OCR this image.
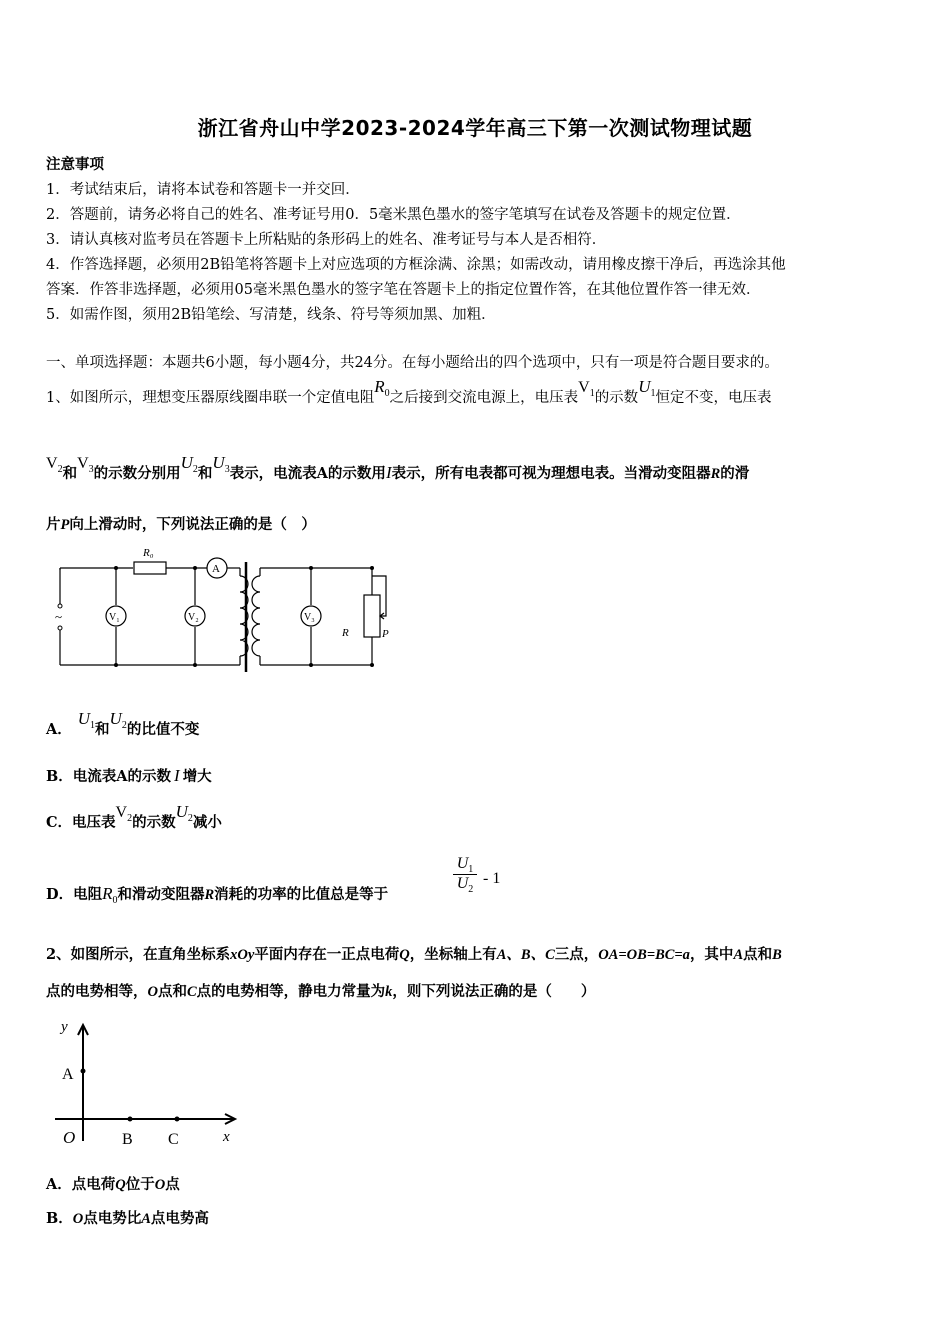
浙江省舟山中学2023-2024学年高三下第一次测试物理试题
注意事项
1．考试结束后，请将本试卷和答题卡一并交回．
2．答题前，请务必将自己的姓名、准考证号用0．5毫米黑色墨水的签字笔填写在试卷及答题卡的规定位置．
3．请认真核对监考员在答题卡上所粘贴的条形码上的姓名、准考证号与本人是否相符．
4．作答选择题，必须用2B铅笔将答题卡上对应选项的方框涂满、涂黑；如需改动，请用橡皮擦干净后，再选涂其他
答案．作答非选择题，必须用05毫米黑色墨水的签字笔在答题卡上的指定位置作答，在其他位置作答一律无效．
5．如需作图，须用2B铅笔绘、写清楚，线条、符号等须加黑、加粗．
一、单项选择题：本题共6小题，每小题4分，共24分。在每小题给出的四个选项中，只有一项是符合题目要求的。
1、如图所示，理想变压器原线圈串联一个定值电阻$R_0$之后接到交流电源上，电压表$V_1$的示数$U_1$恒定不变，电压表
$V_2$和$V_3$的示数分别用$U_2$和$U_3$表示，电流表A的示数用I表示，所有电表都可视为理想电表。当滑动变阻器R的滑
片P向上滑动时，下列说法正确的是（　）
R₀
A
V₁	V₂	V₃
R	P
~
A．$U_1$和$U_2$的比值不变
B．电流表A的示数 I 增大
C．电压表$V_2$的示数$U_2$减小
D．电阻$R_0$和滑动变阻器R消耗的功率的比值总是等于
$U_1$
$U_2$
- 1
2、如图所示，在直角坐标系xOy平面内存在一正点电荷Q，坐标轴上有A、B、C三点，OA=OB=BC=a，其中A点和B
点的电势相等，O点和C点的电势相等，静电力常量为k，则下列说法正确的是（　　）
y
x
O
A
B C
A．点电荷Q位于O点
B．O点电势比A点电势高
